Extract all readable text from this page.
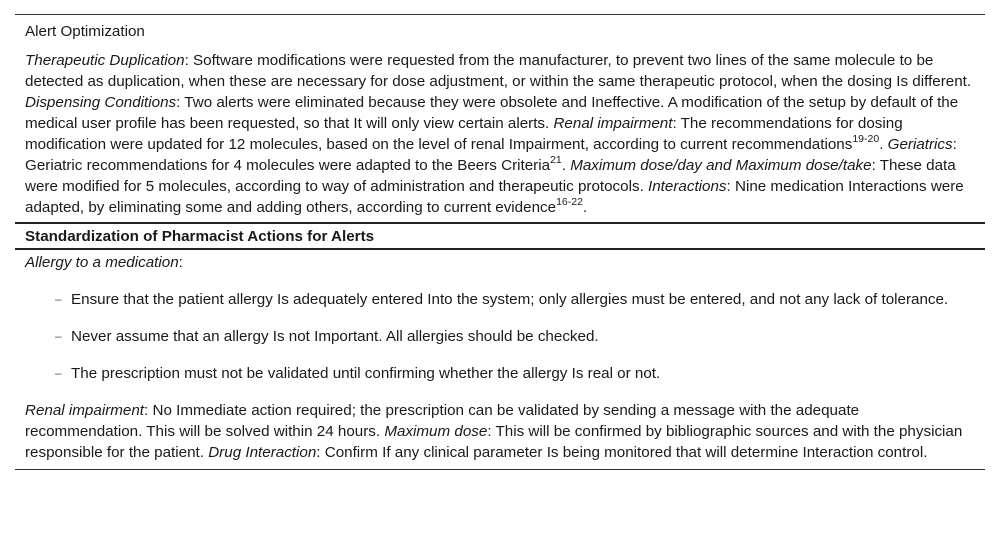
Alert Optimization
Therapeutic Duplication: Software modifications were requested from the manufacturer, to prevent two lines of the same molecule to be detected as duplication, when these are necessary for dose adjustment, or within the same therapeutic protocol, when the dosing Is different. Dispensing Conditions: Two alerts were eliminated because they were obsolete and Ineffective. A modification of the setup by default of the medical user profile has been requested, so that It will only view certain alerts. Renal impairment: The recommendations for dosing modification were updated for 12 molecules, based on the level of renal Impairment, according to current recommendations$^{19-20}$. Geriatrics: Geriatric recommendations for 4 molecules were adapted to the Beers Criteria$^{21}$. Maximum dose/day and Maximum dose/take: These data were modified for 5 molecules, according to way of administration and therapeutic protocols. Interactions: Nine medication Interactions were adapted, by eliminating some and adding others, according to current evidence$^{16-22}$.
Standardization of Pharmacist Actions for Alerts
Allergy to a medication:
– Ensure that the patient allergy Is adequately entered Into the system; only allergies must be entered, and not any lack of tolerance.
– Never assume that an allergy Is not Important. All allergies should be checked.
– The prescription must not be validated until confirming whether the allergy Is real or not.
Renal impairment: No Immediate action required; the prescription can be validated by sending a message with the adequate recommendation. This will be solved within 24 hours. Maximum dose: This will be confirmed by bibliographic sources and with the physician responsible for the patient. Drug Interaction: Confirm If any clinical parameter Is being monitored that will determine Interaction control.
